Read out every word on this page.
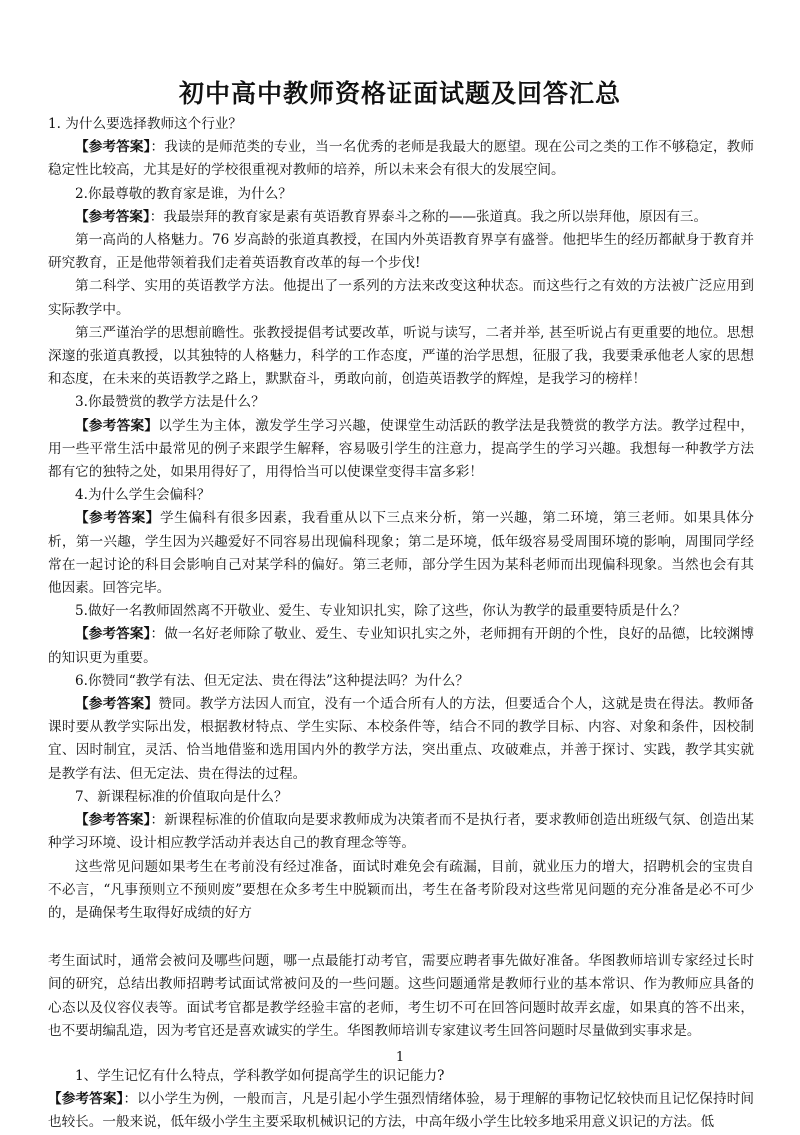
初中高中教师资格证面试题及回答汇总

1. 为什么要选择教师这个行业？

【参考答案】：我读的是师范类的专业，当一名优秀的老师是我最大的愿望。现在公司之类的工作不够稳定，教师稳定性比较高，尤其是好的学校很重视对教师的培养，所以未来会有很大的发展空间。

2.你最尊敬的教育家是谁，为什么？

【参考答案】：我最崇拜的教育家是素有英语教育界泰斗之称的——张道真。我之所以崇拜他，原因有三。

第一高尚的人格魅力。76 岁高龄的张道真教授，在国内外英语教育界享有盛誉。他把毕生的经历都献身于教育并研究教育，正是他带领着我们走着英语教育改革的每一个步伐!

第二科学、实用的英语教学方法。他提出了一系列的方法来改变这种状态。而这些行之有效的方法被广泛应用到实际教学中。

第三严谨治学的思想前瞻性。张教授提倡考试要改革，听说与读写，二者并举, 甚至听说占有更重要的地位。思想深邃的张道真教授，以其独特的人格魅力，科学的工作态度，严谨的治学思想，征服了我，我要秉承他老人家的思想和态度，在未来的英语教学之路上，默默奋斗，勇敢向前，创造英语教学的辉煌，是我学习的榜样！

3.你最赞赏的教学方法是什么？

【参考答案】以学生为主体，激发学生学习兴趣，使课堂生动活跃的教学法是我赞赏的教学方法。教学过程中，用一些平常生活中最常见的例子来跟学生解释，容易吸引学生的注意力，提高学生的学习兴趣。我想每一种教学方法都有它的独特之处，如果用得好了，用得恰当可以使课堂变得丰富多彩！

4.为什么学生会偏科？

【参考答案】学生偏科有很多因素，我看重从以下三点来分析，第一兴趣，第二环境，第三老师。如果具体分析，第一兴趣，学生因为兴趣爱好不同容易出现偏科现象；第二是环境，低年级容易受周围环境的影响，周围同学经常在一起讨论的科目会影响自己对某学科的偏好。第三老师，部分学生因为某科老师而出现偏科现象。当然也会有其他因素。回答完毕。

5.做好一名教师固然离不开敬业、爱生、专业知识扎实，除了这些，你认为教学的最重要特质是什么？

【参考答案】：做一名好老师除了敬业、爱生、专业知识扎实之外，老师拥有开朗的个性，良好的品德，比较渊博的知识更为重要。

6.你赞同“教学有法、但无定法、贵在得法”这种提法吗？为什么？

【参考答案】赞同。教学方法因人而宜，没有一个适合所有人的方法，但要适合个人，这就是贵在得法。教师备课时要从教学实际出发，根据教材特点、学生实际、本校条件等，结合不同的教学目标、内容、对象和条件，因校制宜、因时制宜，灵活、恰当地借鉴和选用国内外的教学方法，突出重点、攻破难点，并善于探讨、实践，教学其实就是教学有法、但无定法、贵在得法的过程。

7、新课程标准的价值取向是什么？

【参考答案】：新课程标准的价值取向是要求教师成为决策者而不是执行者，要求教师创造出班级气氛、创造出某种学习环境、设计相应教学活动并表达自己的教育理念等等。

这些常见问题如果考生在考前没有经过准备，面试时难免会有疏漏，目前，就业压力的增大，招聘机会的宝贵自不必言，“凡事预则立不预则废”要想在众多考生中脱颖而出，考生在备考阶段对这些常见问题的充分准备是必不可少的，是确保考生取得好成绩的好方

考生面试时，通常会被问及哪些问题，哪一点最能打动考官，需要应聘者事先做好准备。华图教师培训专家经过长时间的研究，总结出教师招聘考试面试常被问及的一些问题。这些问题通常是教师行业的基本常识、作为教师应具备的心态以及仪容仪表等。面试考官都是教学经验丰富的老师，考生切不可在回答问题时故弄玄虚，如果真的答不出来，也不要胡编乱造，因为考官还是喜欢诚实的学生。华图教师培训专家建议考生回答问题时尽量做到实事求是。

1、学生记忆有什么特点，学科教学如何提高学生的识记能力?

【参考答案】：以小学生为例，一般而言，凡是引起小学生强烈情绪体验，易于理解的事物记忆较快而且记忆保持时间也较长。一般来说，低年级小学生主要采取机械识记的方法，中高年级小学生比较多地采用意义识记的方法。低

1
